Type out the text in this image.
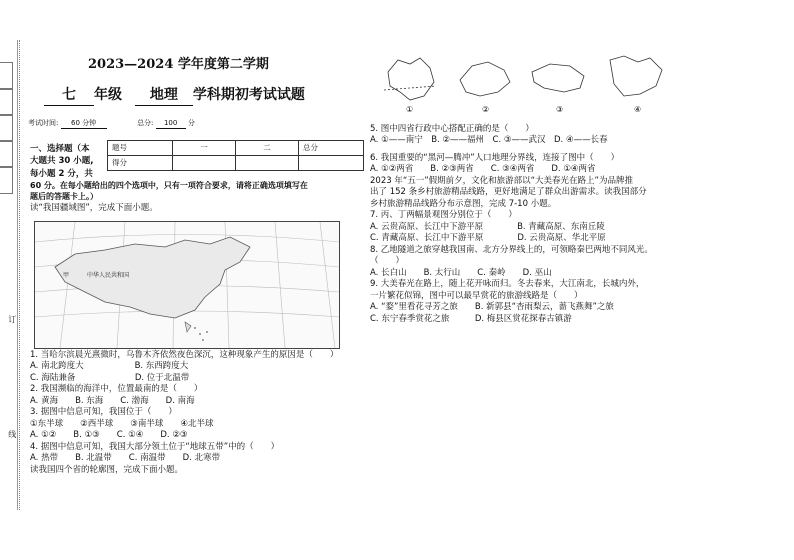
订
线
2023—2024 学年度第二学期
七 年级 地理 学科期初考试试题
考试时间: 60 分钟	总分: 100 分
一、选择题（本
大题共 30 小题,
每小题 2 分，共
题号	一	二	总分
得分			
60 分。在每小题给出的四个选项中，只有一项符合要求，请将正确选项填写在
题后的答题卡上。）
读“我国疆域图”，完成下面小题。
甲	中华人民共和国
1. 当哈尔滨晨光熹微时，乌鲁木齐依然夜色深沉，这种现象产生的原因是（　　）
A. 南北跨度大　　　　　　B. 东西跨度大
C. 海陆兼备　　　　　　　D. 位于北温带
2. 我国濒临的海洋中，位置最南的是（　　）
A. 黄海　　B. 东海　　C. 渤海　　D. 南海
3. 据图中信息可知，我国位于（　　）
①东半球　　②西半球　　③南半球　　④北半球
A. ①②　　B. ①③　　C. ①④　　D. ②③
4. 据图中信息可知，我国大部分领土位于“地球五带”中的（　　）
A. 热带　　B. 北温带　　C. 南温带　　D. 北寒带
读我国四个省的轮廓图，完成下面小题。
①	②	③	④
5. 图中四省行政中心搭配正确的是（　　）
A. ①——南宁　B. ②——福州　C. ③——武汉　D. ④——长春
6. 我国重要的“黑河—腾冲”人口地理分界线，连接了图中（　　）
A. ①②两省　　B. ②③两省　　C. ③④两省　　D. ①④两省
2023 年“五一”假期前夕，文化和旅游部以“大美春光在路上”为品牌推
出了 152 条乡村旅游精品线路，更好地满足了群众出游需求。读我国部分
乡村旅游精品线路分布示意图，完成 7-10 小题。
7. 丙、丁两幅景观图分别位于（　　）
A. 云贵高原、长江中下游平原　　　　B. 青藏高原、东南丘陵
C. 青藏高原、长江中下游平原　　　　D. 云贵高原、华北平原
8. 乙地隧道之旅穿越我国南、北方分界线上的，可领略秦巴两地不同风光。
（　　）
A. 长白山　　B. 太行山　　C. 秦岭　　D. 巫山
9. 大美春光在路上，随上花开咏而归。冬去春来，大江南北，长城内外，
一片繁花似锦，图中可以最早赏花的旅游线路是（　　）
A. “婺”里看花寻芳之旅　　B. 新郭县“杏雨梨云，蔷飞燕舞”之旅
C. 东宁春季赏花之旅　　　D. 梅县区赏花探春古镇游
